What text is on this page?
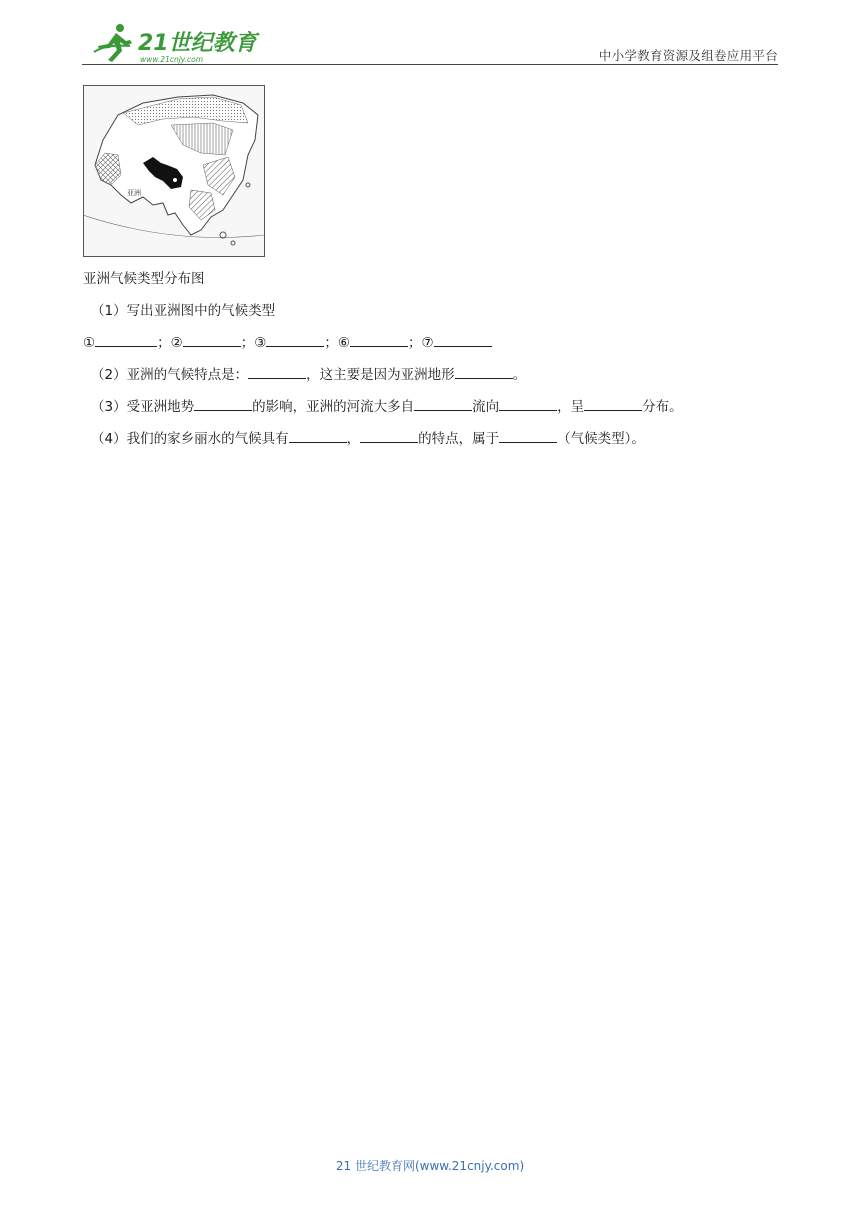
21世纪教育
www.21cnjy.com	中小学教育资源及组卷应用平台
亚洲
亚洲气候类型分布图
（1）写出亚洲图中的气候类型
①	；②	；③	；⑥	；⑦
（2）亚洲的气候特点是：	，这主要是因为亚洲地形	。
（3）受亚洲地势	的影响，亚洲的河流大多自	流向	，呈	分布。
（4）我们的家乡丽水的气候具有	，	的特点，属于	（气候类型）。
21 世纪教育网(www.21cnjy.com)
